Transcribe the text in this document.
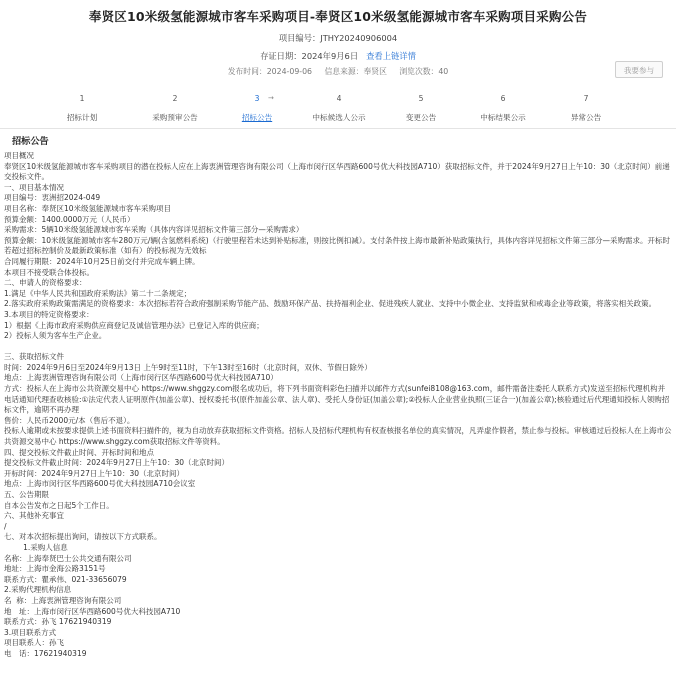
奉贤区10米级氢能源城市客车采购项目-奉贤区10米级氢能源城市客车采购项目采购公告
项目编号：JTHY20240906004
存证日期：2024年9月6日 查看上链详情
发布时间：2024-09-06 信息来源：奉贤区 浏览次数：40	我要参与
1
招标计划
2
采购预审公告
3
招标公告
→	4
中标候选人公示
5
变更公告
6
中标结果公示
7
异常公告
招标公告
项目概况
奉贤区10米级氢能源城市客车采购项目的潜在投标人应在上海衷洲管理咨询有限公司（上海市闵行区华西路600号优大科技园A710）获取招标文件，并于2024年9月27日上午10：30（北京时间）前递交投标文件。
一、项目基本情况
项目编号：衷洲招2024-049
项目名称：奉贤区10米级氢能源城市客车采购项目
预算金额：1400.0000万元（人民币）
采购需求：5辆10米级氢能源城市客车采购（具体内容详见招标文件第三部分—采购需求）
预算金额：10米级氢能源城市客车280万元/辆(含氢燃料系统)（行驶里程若未达到补贴标准，则按比例扣减）。支付条件按上海市最新补贴政策执行，具体内容详见招标文件第三部分—采购需求。开标时若超过招标控制价及最新政策标准（如有）的投标视为无效标
合同履行期限：2024年10月25日前交付并完成车辆上牌。
本项目不接受联合体投标。
二、申请人的资格要求：
1.满足《中华人民共和国政府采购法》第二十二条规定；
2.落实政府采购政策需满足的资格要求：本次招标若符合政府强制采购节能产品、鼓励环保产品、扶持福利企业、促进残疾人就业、支持中小微企业、支持监狱和戒毒企业等政策，将落实相关政策。
3.本项目的特定资格要求：
1）根据《上海市政府采购供应商登记及诚信管理办法》已登记入库的供应商；
2）投标人须为客车生产企业。

三、获取招标文件
时间：2024年9月6日至2024年9月13日 上午9时至11时，下午13时至16时（北京时间，双休、节假日除外）
地点：上海衷洲管理咨询有限公司（上海市闵行区华西路600号优大科技园A710）
方式：投标人在上海市公共资源交易中心 https://www.shggzy.com报名成功后，将下列书面资料彩色扫描并以邮件方式(sunfei8108@163.com，邮件需备注委托人联系方式)发送至招标代理机构并电话通知代理查收核验:①法定代表人证明原件(加盖公章)、授权委托书(原件加盖公章、法人章)、受托人身份证(加盖公章);②投标人企业营业执照(三证合一)(加盖公章);核验通过后代理通知投标人领购招标文件，逾期不再办理
售价：人民币2000元/本（售后不退）。
投标人逾期或未按要求提供上述书面资料扫描件的，视为自动放弃获取招标文件资格。招标人及招标代理机构有权查核报名单位的真实情况，凡弄虚作假者，禁止参与投标。审核通过后投标人在上海市公共资源交易中心 https://www.shggzy.com获取招标文件等资料。
四、提交投标文件截止时间、开标时间和地点
提交投标文件截止时间：2024年9月27日上午10：30（北京时间）
开标时间：2024年9月27日上午10：30（北京时间）
地点：上海市闵行区华西路600号优大科技园A710会议室
五、公告期限
自本公告发布之日起5个工作日。
六、其他补充事宜
/
七、对本次招标提出询问，请按以下方式联系。
1.采购人信息
名称：上海奉贤巴士公共交通有限公司
地址：上海市金海公路3151号
联系方式：瞿承伟、021-33656079
2.采购代理机构信息
名  称：上海衷洲管理咨询有限公司
地　址：上海市闵行区华西路600号优大科技园A710
联系方式：孙飞 17621940319
3.项目联系方式
项目联系人：孙飞
电　话：17621940319
